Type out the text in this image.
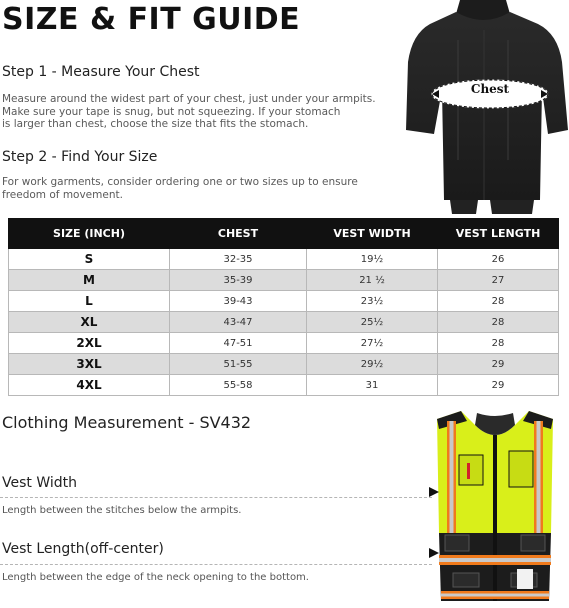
SIZE & FIT GUIDE
Step 1 - Measure Your Chest

Measure around the widest part of your chest, just under your armpits.
Make sure your tape is snug, but not squeezing. If your stomach
is larger than chest, choose the size that fits the stomach.

Step 2 - Find Your Size

For work garments, consider ordering one or two sizes up to ensure
freedom of movement.

Chest
SIZE (INCH)	CHEST	VEST WIDTH	VEST LENGTH
S	32-35	19½	26
M	35-39	21 ½	27
L	39-43	23½	28
XL	43-47	25½	28
2XL	47-51	27½	28
3XL	51-55	29½	29
4XL	55-58	31	29
Clothing Measurement - SV432
Vest Width
Length between the stitches below the armpits.
Vest Length(off-center)
Length between the edge of the neck opening to the bottom.
